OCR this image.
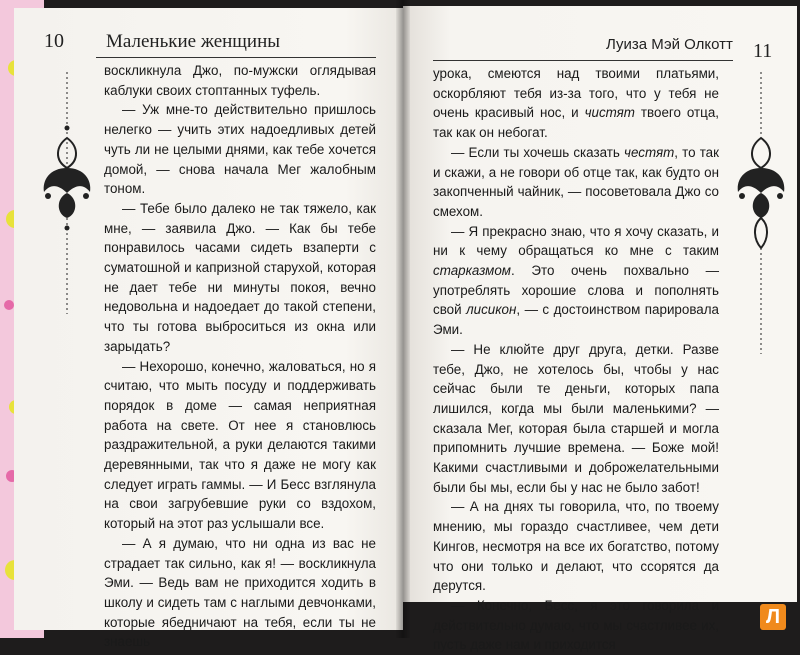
10 Маленькие женщины

воскликнула Джо, по-мужски оглядывая каблуки своих стоптанных туфель.

— Уж мне-то действительно пришлось нелегко — учить этих надоедливых детей чуть ли не целыми днями, как тебе хочется домой, — снова начала Мег жалобным тоном.

— Тебе было далеко не так тяжело, как мне, — заявила Джо. — Как бы тебе понравилось часами сидеть взаперти с суматошной и капризной старухой, которая не дает тебе ни минуты покоя, вечно недовольна и надоедает до такой степени, что ты готова выброситься из окна или зарыдать?

— Нехорошо, конечно, жаловаться, но я считаю, что мыть посуду и поддерживать порядок в доме — самая неприятная работа на свете. От нее я становлюсь раздражительной, а руки делаются такими деревянными, так что я даже не могу как следует играть гаммы. — И Бесс взглянула на свои загрубевшие руки со вздохом, который на этот раз услышали все.

— А я думаю, что ни одна из вас не страдает так сильно, как я! — воскликнула Эми. — Ведь вам не приходится ходить в школу и сидеть там с наглыми девчонками, которые ябедничают на тебя, если ты не знаешь

Луиза Мэй Олкотт 11

урока, смеются над твоими платьями, оскорбляют тебя из-за того, что у тебя не очень красивый нос, и чистят твоего отца, так как он небогат.

— Если ты хочешь сказать честят, то так и скажи, а не говори об отце так, как будто он закопченный чайник, — посоветовала Джо со смехом.

— Я прекрасно знаю, что я хочу сказать, и ни к чему обращаться ко мне с таким старказмом. Это очень похвально — употреблять хорошие слова и пополнять свой лисикон, — с достоинством парировала Эми.

— Не клюйте друг друга, детки. Разве тебе, Джо, не хотелось бы, чтобы у нас сейчас были те деньги, которых папа лишился, когда мы были маленькими? — сказала Мег, которая была старшей и могла припомнить лучшие времена. — Боже мой! Какими счастливыми и доброжелательными были бы мы, если бы у нас не было забот!

— А на днях ты говорила, что, по твоему мнению, мы гораздо счастливее, чем дети Кингов, несмотря на все их богатство, потому что они только и делают, что ссорятся да дерутся.

— Конечно, Бесс, я это говорила и действительно думаю, что мы счастливее их, пусть даже нам и приходится

Л
